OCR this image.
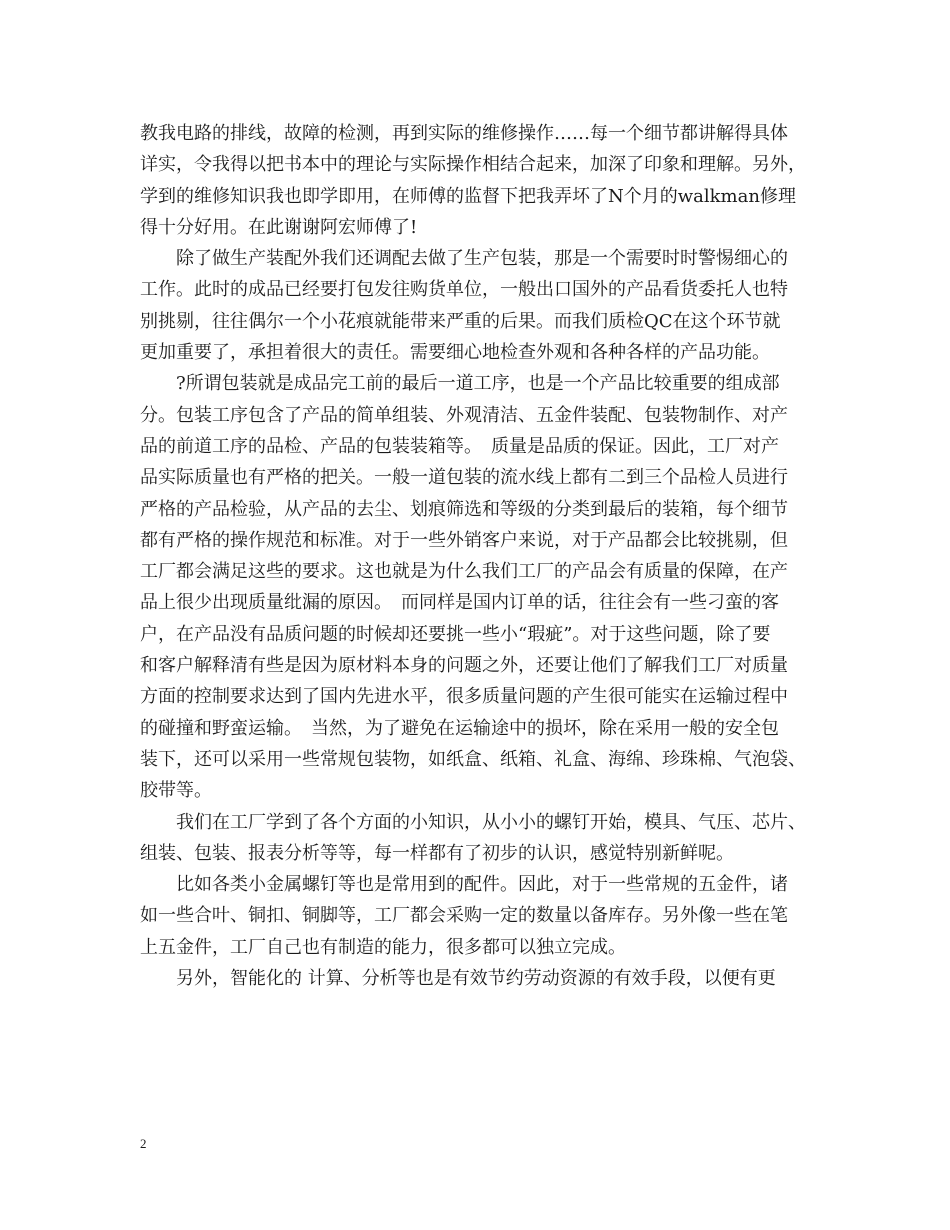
教我电路的排线，故障的检测，再到实际的维修操作……每一个细节都讲解得具体
详实，令我得以把书本中的理论与实际操作相结合起来，加深了印象和理解。另外，
学到的维修知识我也即学即用，在师傅的监督下把我弄坏了N个月的walkman修理
得十分好用。在此谢谢阿宏师傅了!
　　除了做生产装配外我们还调配去做了生产包装，那是一个需要时时警惕细心的
工作。此时的成品已经要打包发往购货单位，一般出口国外的产品看货委托人也特
别挑剔，往往偶尔一个小花痕就能带来严重的后果。而我们质检QC在这个环节就
更加重要了，承担着很大的责任。需要细心地检查外观和各种各样的产品功能。
　　?所谓包装就是成品完工前的最后一道工序，也是一个产品比较重要的组成部
分。包装工序包含了产品的简单组装、外观清洁、五金件装配、包装物制作、对产
品的前道工序的品检、产品的包装装箱等。　质量是品质的保证。因此，工厂对产
品实际质量也有严格的把关。一般一道包装的流水线上都有二到三个品检人员进行
严格的产品检验，从产品的去尘、划痕筛选和等级的分类到最后的装箱，每个细节
都有严格的操作规范和标准。对于一些外销客户来说，对于产品都会比较挑剔，但
工厂都会满足这些的要求。这也就是为什么我们工厂的产品会有质量的保障，在产
品上很少出现质量纰漏的原因。　而同样是国内订单的话，往往会有一些刁蛮的客
户，在产品没有品质问题的时候却还要挑一些小“瑕疵”。对于这些问题，除了要
和客户解释清有些是因为原材料本身的问题之外，还要让他们了解我们工厂对质量
方面的控制要求达到了国内先进水平，很多质量问题的产生很可能实在运输过程中
的碰撞和野蛮运输。　当然，为了避免在运输途中的损坏，除在采用一般的安全包
装下，还可以采用一些常规包装物，如纸盒、纸箱、礼盒、海绵、珍珠棉、气泡袋、
胶带等。
　　我们在工厂学到了各个方面的小知识，从小小的螺钉开始，模具、气压、芯片、
组装、包装、报表分析等等，每一样都有了初步的认识，感觉特别新鲜呢。
　　比如各类小金属螺钉等也是常用到的配件。因此，对于一些常规的五金件，诸
如一些合叶、铜扣、铜脚等，工厂都会采购一定的数量以备库存。另外像一些在笔
上五金件，工厂自己也有制造的能力，很多都可以独立完成。
　　另外，智能化的 计算、分析等也是有效节约劳动资源的有效手段，以便有更
2
